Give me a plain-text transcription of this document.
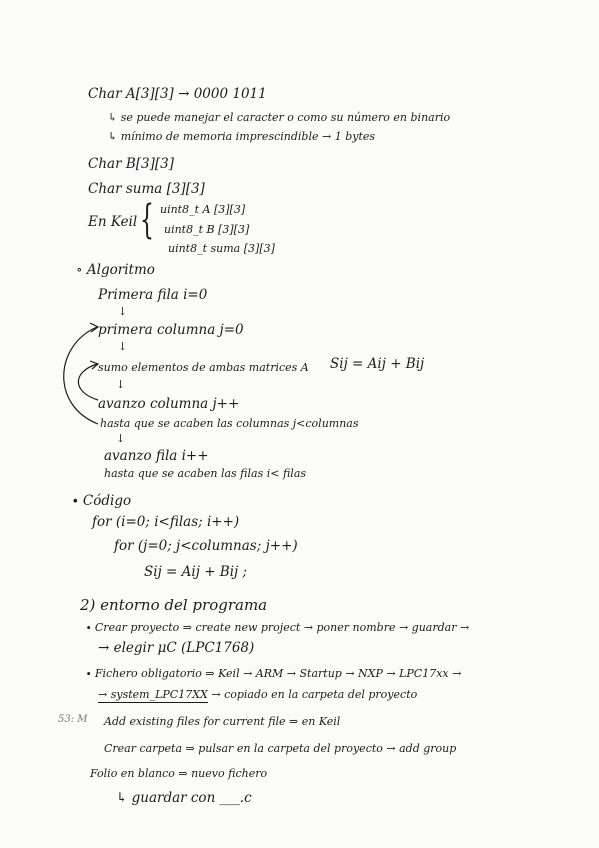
Char A[3][3] → 0000 1011
↳ se puede manejar el caracter o como su número en binario
↳ mínimo de memoria imprescindible → 1 bytes
Char B[3][3]
Char suma [3][3]
En Keil { uint8_t A [3][3]
uint8_t B [3][3]
uint8_t suma [3][3]
∘ Algoritmo
Primera fila i=0
↓
primera columna j=0
↓
sumo elementos de ambas matrices A Sij = Aij + Bij
↓
avanzo columna j++
hasta que se acaben las columnas j<columnas
↓
avanzo fila i++
hasta que se acaben las filas i< filas
∙ Código
for (i=0; i<filas; i++)
for (j=0; j<columnas; j++)
Sij = Aij + Bij ;
2) entorno del programa
∙ Crear proyecto ⇒ create new project → poner nombre → guardar →
→ elegir μC (LPC1768)
∙ Fichero obligatorio ⇒ Keil → ARM → Startup → NXP → LPC17xx →
→ system_LPC17XX → copiado en la carpeta del proyecto
53: M Add existing files for current file ⇒ en Keil
Crear carpeta ⇒ pulsar en la carpeta del proyecto → add group
Folio en blanco ⇒ nuevo fichero
↳ guardar con ___.c
